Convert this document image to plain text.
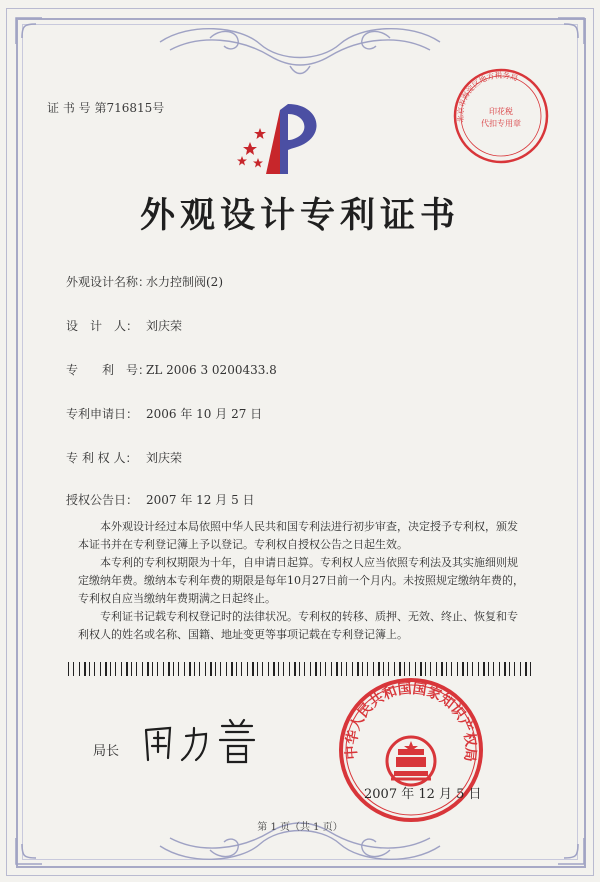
证 书 号 第716815号
外观设计专利证书
外观设计名称：水力控制阀(2)
设　计　人： 刘庆荣
专　　利　号：ZL 2006 3 0200433.8
专利申请日： 2006 年 10 月 27 日
专 利 权 人： 刘庆荣
授权公告日： 2007 年 12 月 5 日

本外观设计经过本局依照中华人民共和国专利法进行初步审查，决定授予专利权，颁发本证书并在专利登记簿上予以登记。专利权自授权公告之日起生效。

本专利的专利权期限为十年，自申请日起算。专利权人应当依照专利法及其实施细则规定缴纳年费。缴纳本专利年费的期限是每年10月27日前一个月内。未按照规定缴纳年费的，专利权自应当缴纳年费期满之日起终止。

专利证书记载专利权登记时的法律状况。专利权的转移、质押、无效、终止、恢复和专利权人的姓名或名称、国籍、地址变更等事项记载在专利登记簿上。

局长	中华人民共和国国家知识产权局
北京市海淀区地方税务局
印花税
代扣专用章
2007 年 12 月 5 日
第 1 页（共 1 页）
